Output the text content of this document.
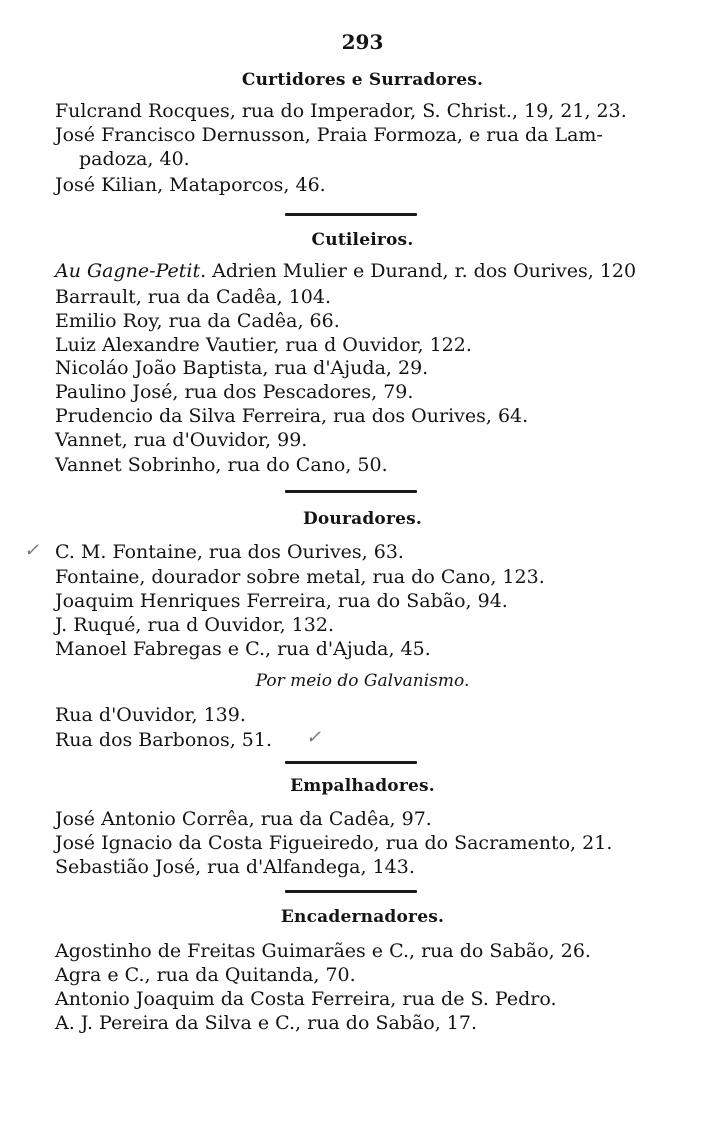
293
Curtidores e Surradores.
Fulcrand Rocques, rua do Imperador, S. Christ., 19, 21, 23.
José Francisco Dernusson, Praia Formoza, e rua da Lam-
padoza, 40.
José Kilian, Mataporcos, 46.
Cutileiros.
Au Gagne-Petit. Adrien Mulier e Durand, r. dos Ourives, 120
Barrault, rua da Cadêa, 104.
Emilio Roy, rua da Cadêa, 66.
Luiz Alexandre Vautier, rua d Ouvidor, 122.
Nicoláo João Baptista, rua d'Ajuda, 29.
Paulino José, rua dos Pescadores, 79.
Prudencio da Silva Ferreira, rua dos Ourives, 64.
Vannet, rua d'Ouvidor, 99.
Vannet Sobrinho, rua do Cano, 50.
Douradores.
C. M. Fontaine, rua dos Ourives, 63.
Fontaine, dourador sobre metal, rua do Cano, 123.
Joaquim Henriques Ferreira, rua do Sabão, 94.
J. Ruqué, rua d Ouvidor, 132.
Manoel Fabregas e C., rua d'Ajuda, 45.
Por meio do Galvanismo.
Rua d'Ouvidor, 139.
Rua dos Barbonos, 51.
Empalhadores.
José Antonio Corrêa, rua da Cadêa, 97.
José Ignacio da Costa Figueiredo, rua do Sacramento, 21.
Sebastião José, rua d'Alfandega, 143.
Encadernadores.
Agostinho de Freitas Guimarães e C., rua do Sabão, 26.
Agra e C., rua da Quitanda, 70.
Antonio Joaquim da Costa Ferreira, rua de S. Pedro.
A. J. Pereira da Silva e C., rua do Sabão, 17.
✓
✓
